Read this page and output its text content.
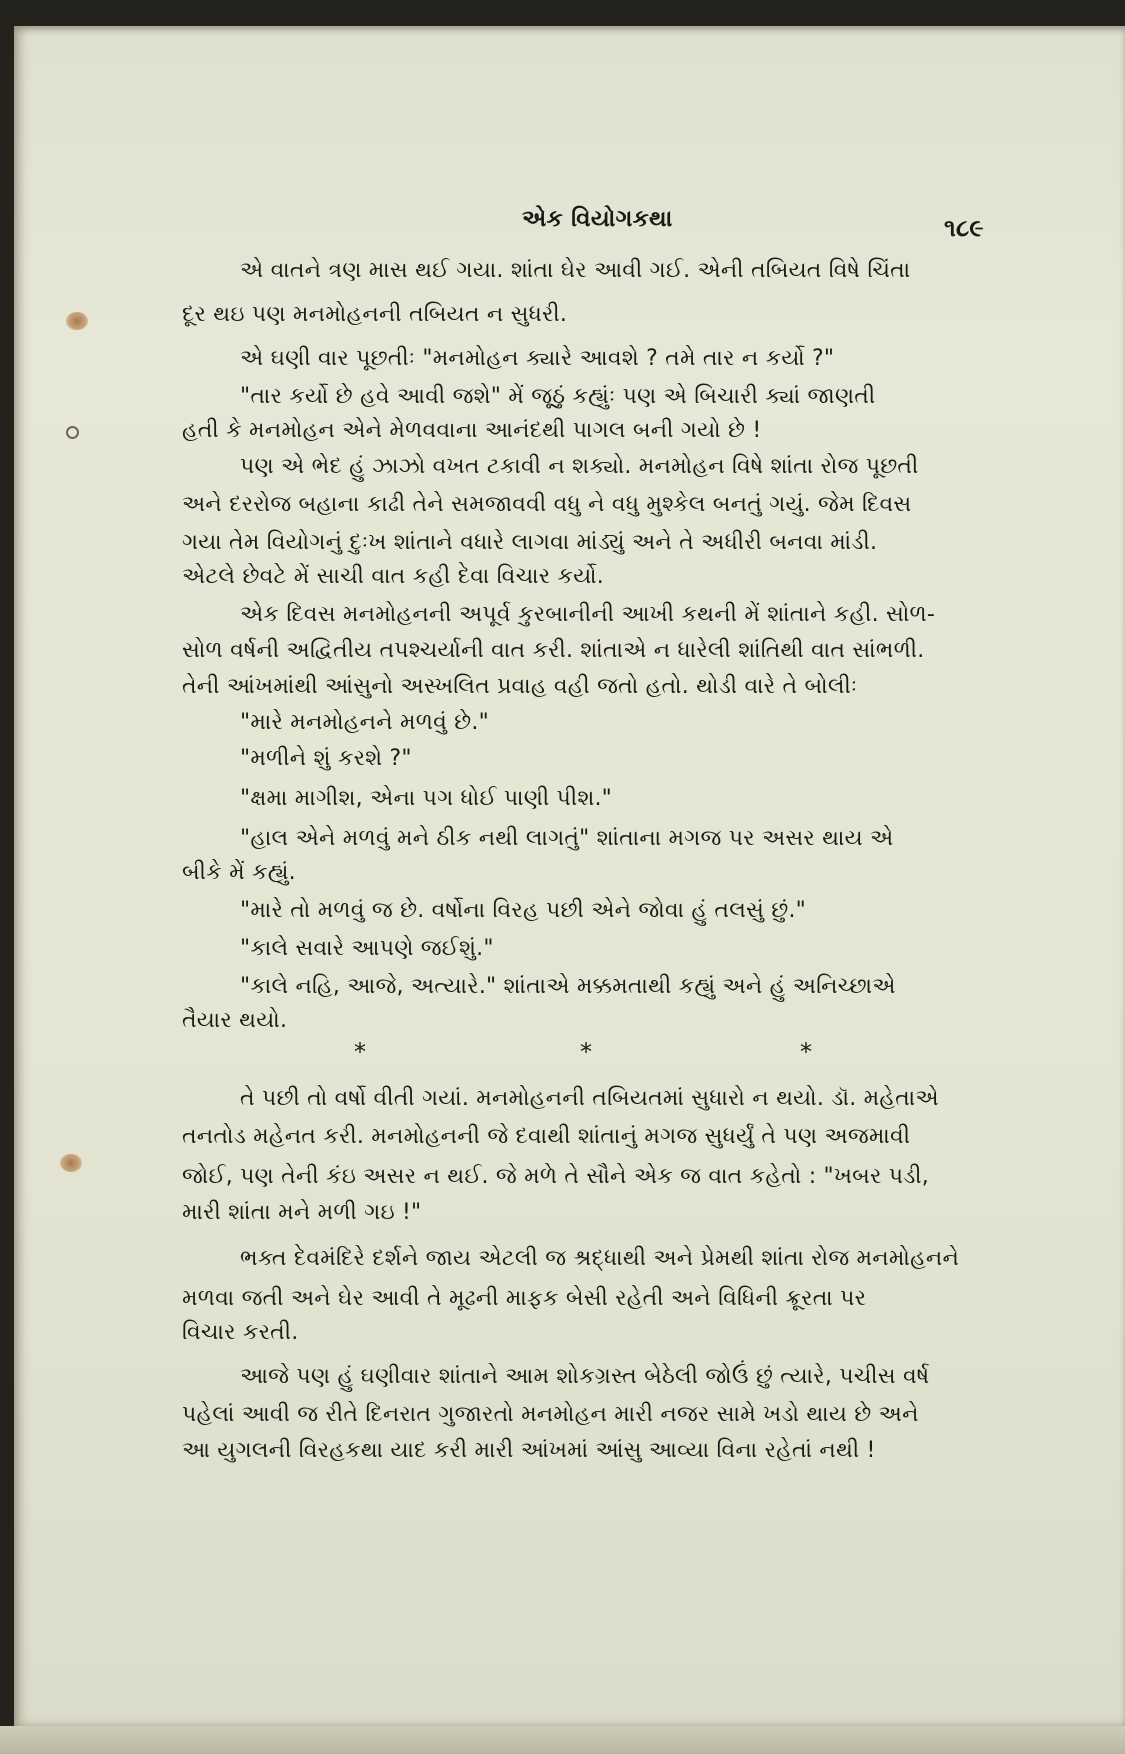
એક વિયોગકથા	૧૮૯

એ વાતને ત્રણ માસ થઈ ગયા. શાંતા ઘેર આવી ગઈ. એની તબિયત વિષે ચિંતા

દૂર થઇ પણ મનમોહનની તબિયત ન સુધરી.

એ ઘણી વાર પૂછતીઃ "મનમોહન ક્યારે આવશે ? તમે તાર ન કર્યો ?"

"તાર કર્યો છે હવે આવી જશે" મેં જૂઠું કહ્યુંઃ પણ એ બિચારી ક્યાં જાણતી

હતી કે મનમોહન એને મેળવવાના આનંદથી પાગલ બની ગયો છે !

પણ એ ભેદ હું ઝાઝો વખત ટકાવી ન શક્યો. મનમોહન વિષે શાંતા રોજ પૂછતી

અને દરરોજ બહાના કાઢી તેને સમજાવવી વધુ ને વધુ મુશ્કેલ બનતું ગયું. જેમ દિવસ

ગયા તેમ વિયોગનું દુઃખ શાંતાને વધારે લાગવા માંડ્યું અને તે અધીરી બનવા માંડી.

એટલે છેવટે મેં સાચી વાત કહી દેવા વિચાર કર્યો.

એક દિવસ મનમોહનની અપૂર્વ કુરબાનીની આખી કથની મેં શાંતાને કહી. સોળ-

સોળ વર્ષની અદ્વિતીય તપશ્ચર્યાની વાત કરી. શાંતાએ ન ધારેલી શાંતિથી વાત સાંભળી.

તેની આંખમાંથી આંસુનો અસ્ખલિત પ્રવાહ વહી જતો હતો. થોડી વારે તે બોલીઃ

"મારે મનમોહનને મળવું છે."

"મળીને શું કરશે ?"

"ક્ષમા માગીશ, એના પગ ધોઈ પાણી પીશ."

"હાલ એને મળવું મને ઠીક નથી લાગતું" શાંતાના મગજ પર અસર થાય એ

બીકે મેં કહ્યું.

"મારે તો મળવું જ છે. વર્ષોના વિરહ પછી એને જોવા હું તલસું છું."

"કાલે સવારે આપણે જઈશું."

"કાલે નહિ, આજે, અત્યારે." શાંતાએ મક્કમતાથી કહ્યું અને હું અનિચ્છાએ

તૈયાર થયો.

*	*	*

તે પછી તો વર્ષો વીતી ગયાં. મનમોહનની તબિયતમાં સુધારો ન થયો. ડૉ. મહેતાએ

તનતોડ મહેનત કરી. મનમોહનની જે દવાથી શાંતાનું મગજ સુધર્યું તે પણ અજમાવી

જોઈ, પણ તેની કંઇ અસર ન થઈ. જે મળે તે સૌને એક જ વાત કહેતો : "ખબર પડી,

મારી શાંતા મને મળી ગઇ !"

ભક્ત દેવમંદિરે દર્શને જાય એટલી જ શ્રદ્ધાથી અને પ્રેમથી શાંતા રોજ મનમોહનને

મળવા જતી અને ઘેર આવી તે મૂઢની માફક બેસી રહેતી અને વિધિની ક્રૂરતા પર

વિચાર કરતી.

આજે પણ હું ઘણીવાર શાંતાને આમ શોકગ્રસ્ત બેઠેલી જોઉં છું ત્યારે, પચીસ વર્ષ

પહેલાં આવી જ રીતે દિનરાત ગુજારતો મનમોહન મારી નજર સામે ખડો થાય છે અને

આ યુગલની વિરહકથા યાદ કરી મારી આંખમાં આંસુ આવ્યા વિના રહેતાં નથી !
